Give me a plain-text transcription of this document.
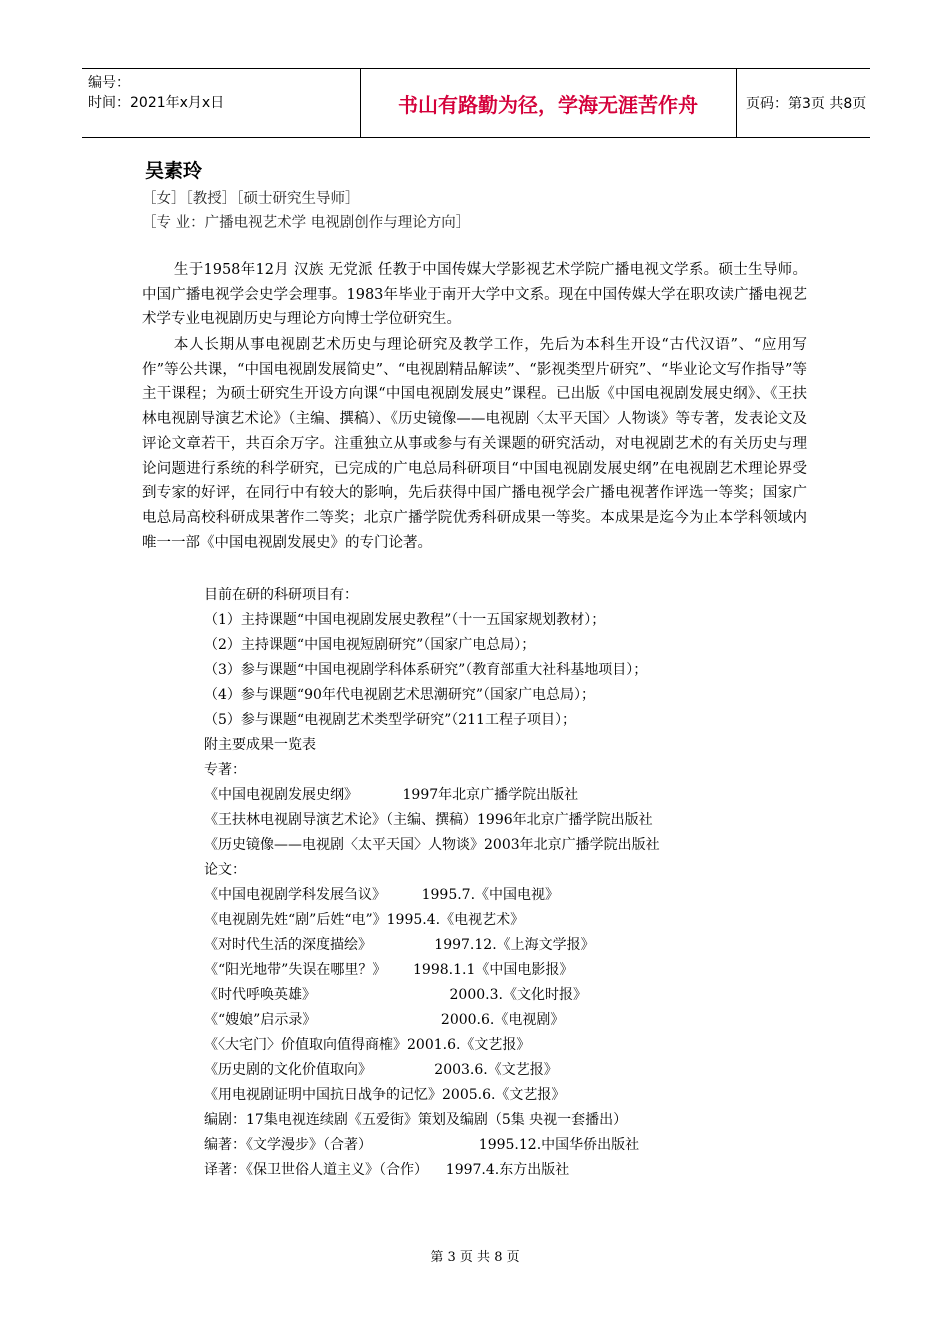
编号：
时间：2021年x月x日	书山有路勤为径，学海无涯苦作舟	页码：第3页 共8页
吴素玲
［女］［教授］［硕士研究生导师］
［专 业：广播电视艺术学 电视剧创作与理论方向］
生于1958年12月 汉族 无党派 任教于中国传媒大学影视艺术学院广播电视文学系。硕士生导师。中国广播电视学会史学会理事。1983年毕业于南开大学中文系。现在中国传媒大学在职攻读广播电视艺术学专业电视剧历史与理论方向博士学位研究生。
本人长期从事电视剧艺术历史与理论研究及教学工作，先后为本科生开设“古代汉语”、“应用写作”等公共课，“中国电视剧发展简史”、“电视剧精品解读”、“影视类型片研究”、“毕业论文写作指导”等主干课程；为硕士研究生开设方向课“中国电视剧发展史”课程。已出版《中国电视剧发展史纲》、《王扶林电视剧导演艺术论》（主编、撰稿）、《历史镜像——电视剧〈太平天国〉人物谈》等专著，发表论文及评论文章若干，共百余万字。注重独立从事或参与有关课题的研究活动，对电视剧艺术的有关历史与理论问题进行系统的科学研究，已完成的广电总局科研项目“中国电视剧发展史纲”在电视剧艺术理论界受到专家的好评，在同行中有较大的影响，先后获得中国广播电视学会广播电视著作评选一等奖；国家广电总局高校科研成果著作二等奖；北京广播学院优秀科研成果一等奖。本成果是迄今为止本学科领域内唯一一部《中国电视剧发展史》的专门论著。
目前在研的科研项目有：
（1）主持课题“中国电视剧发展史教程”（十一五国家规划教材）；
（2）主持课题“中国电视短剧研究”（国家广电总局）；
（3）参与课题“中国电视剧学科体系研究”（教育部重大社科基地项目）；
（4）参与课题“90年代电视剧艺术思潮研究”（国家广电总局）；
（5）参与课题“电视剧艺术类型学研究”（211工程子项目）；
附主要成果一览表
专著：
《中国电视剧发展史纲》          1997年北京广播学院出版社
《王扶林电视剧导演艺术论》（主编、撰稿）1996年北京广播学院出版社
《历史镜像——电视剧〈太平天国〉人物谈》2003年北京广播学院出版社
论文：
《中国电视剧学科发展刍议》        1995.7.《中国电视》
《电视剧先姓“剧”后姓“电”》1995.4.《电视艺术》
《对时代生活的深度描绘》              1997.12.《上海文学报》
《“阳光地带”失误在哪里？》      1998.1.1《中国电影报》
《时代呼唤英雄》                              2000.3.《文化时报》
《“嫂娘”启示录》                            2000.6.《电视剧》
《〈大宅门〉价值取向值得商榷》2001.6.《文艺报》
《历史剧的文化价值取向》              2003.6.《文艺报》
《用电视剧证明中国抗日战争的记忆》2005.6.《文艺报》
编剧：17集电视连续剧《五爱街》策划及编剧（5集 央视一套播出）
编著：《文学漫步》（合著）                        1995.12.中国华侨出版社
译著：《保卫世俗人道主义》（合作）    1997.4.东方出版社
第 3 页 共 8 页
